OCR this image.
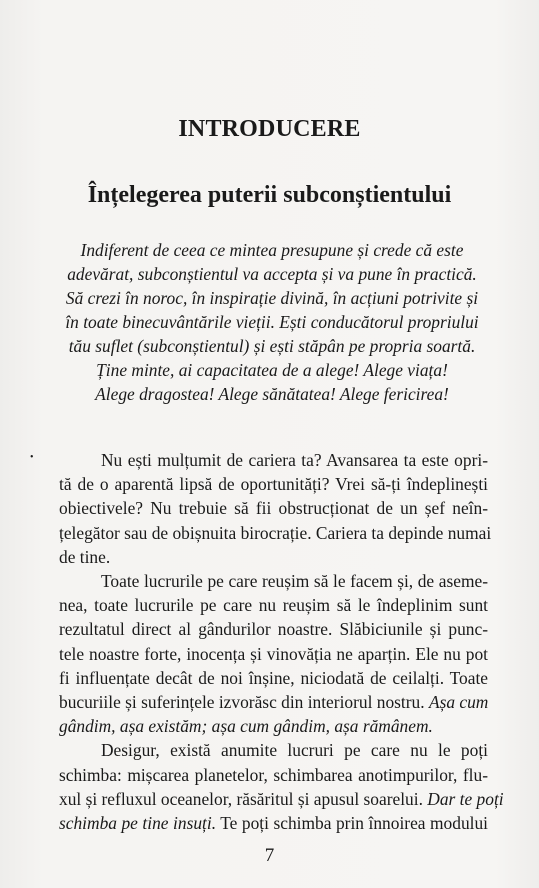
INTRODUCERE
Înțelegerea puterii subconștientului

Indiferent de ceea ce mintea presupune și crede că este
adevărat, subconștientul va accepta și va pune în practică.
Să crezi în noroc, în inspirație divină, în acțiuni potrivite și
în toate binecuvântările vieții. Ești conducătorul propriului
tău suflet (subconștientul) și ești stăpân pe propria soartă.
Ține minte, ai capacitatea de a alege! Alege viața!
Alege dragostea! Alege sănătatea! Alege fericirea!

•	Nu ești mulțumit de cariera ta? Avansarea ta este opri-
tă de o aparentă lipsă de oportunități? Vrei să-ți îndeplinești
obiectivele? Nu trebuie să fii obstrucționat de un șef neîn-
țelegător sau de obișnuita birocrație. Cariera ta depinde numai
de tine.
Toate lucrurile pe care reușim să le facem și, de aseme-
nea, toate lucrurile pe care nu reușim să le îndeplinim sunt
rezultatul direct al gândurilor noastre. Slăbiciunile și punc-
tele noastre forte, inocența și vinovăția ne aparțin. Ele nu pot
fi influențate decât de noi înșine, niciodată de ceilalți. Toate
bucuriile și suferințele izvorăsc din interiorul nostru. Așa cum
gândim, așa existăm; așa cum gândim, așa rămânem.
Desigur, există anumite lucruri pe care nu le poți
schimba: mișcarea planetelor, schimbarea anotimpurilor, flu-
xul și refluxul oceanelor, răsăritul și apusul soarelui. Dar te poți
schimba pe tine insuți. Te poți schimba prin înnoirea modului

7
